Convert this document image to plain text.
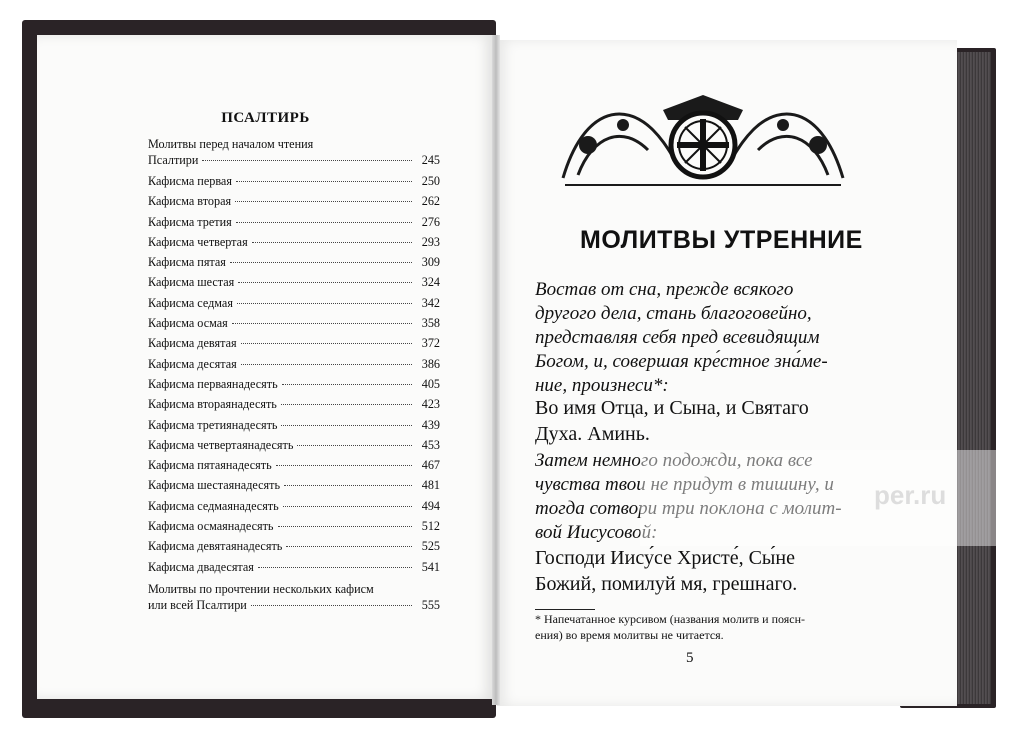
ПСАЛТИРЬ
Молитвы перед началом чтения
Псалтири	245
Кафисма первая	250
Кафисма вторая	262
Кафисма третия	276
Кафисма четвертая	293
Кафисма пятая	309
Кафисма шестая	324
Кафисма седмая	342
Кафисма осмая	358
Кафисма девятая	372
Кафисма десятая	386
Кафисма перваянадесять	405
Кафисма втораянадесять	423
Кафисма третиянадесять	439
Кафисма четвертаянадесять	453
Кафисма пятаянадесять	467
Кафисма шестаянадесять	481
Кафисма седмаянадесять	494
Кафисма осмаянадесять	512
Кафисма девятаянадесять	525
Кафисма двадесятая	541
Молитвы по прочтении нескольких кафисм
или всей Псалтири	555
МОЛИТВЫ УТРЕННИЕ
Востав от сна, прежде всякого
другого дела, стань благоговейно,
представляя себя пред всевидящим
Богом, и, совершая кре́стное зна́ме-
ние, произнеси*:
Во имя Отца, и Сына, и Святаго
Духа. Аминь.
Затем немного подожди, пока все
чувства твои не придут в тишину, и
тогда сотвори три поклона с молит-
вой Иисусовой:
Господи Иису́се Христе́, Сы́не
Божий, помилуй мя, грешнаго.
* Напечатанное курсивом (названия молитв и поясн-
ения) во время молитвы не читается.
5
per.ru
